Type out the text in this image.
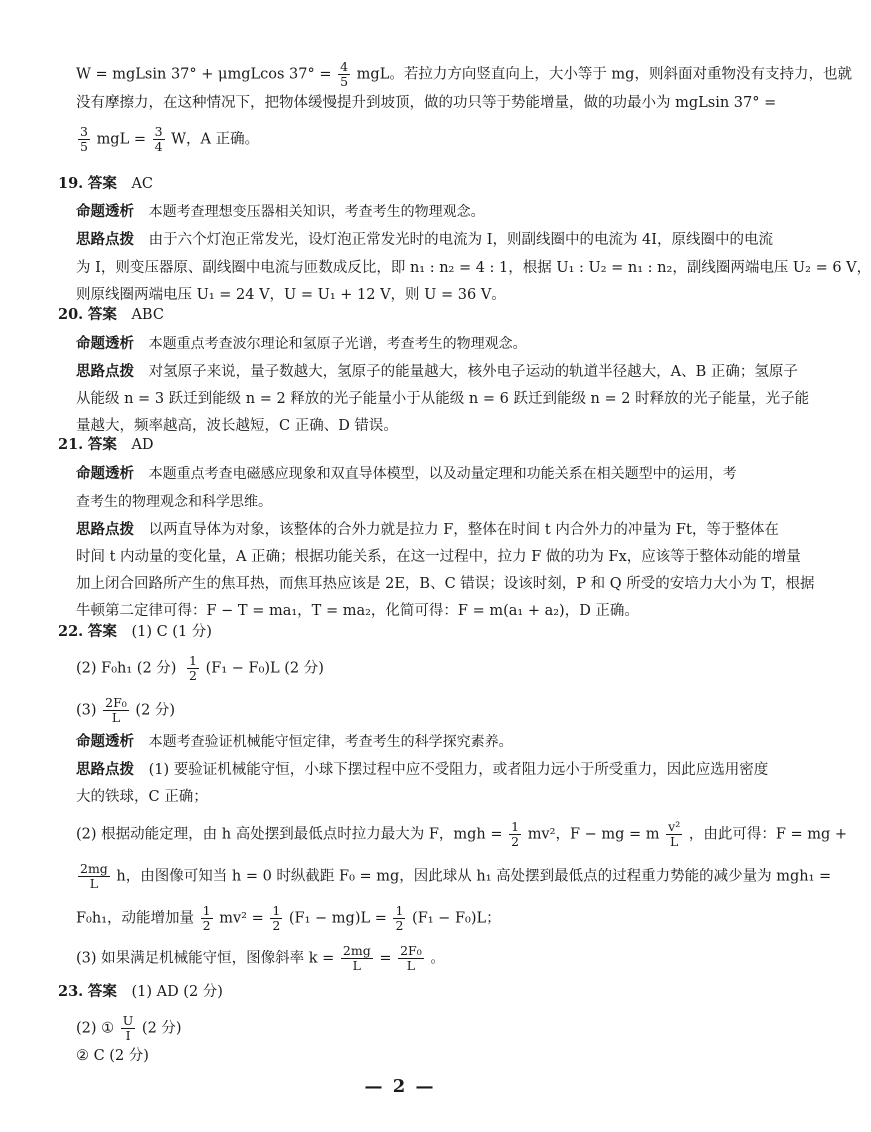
W = mgLsin 37° + μmgLcos $37^\circ = \frac{4}{5}$ mgL。若拉力方向竖直向上，大小等于 mg，则斜面对重物没有支持力，也就
没有摩擦力，在这种情况下，把物体缓慢提升到坡顶，做的功只等于势能增量，做的功最小为 mgLsin 37° =
$\frac{3}{5}$ mgL = $\frac{3}{4}$ W，A 正确。
19. 答案 AC
命题透析 本题考查理想变压器相关知识，考查考生的物理观念。
思路点拨 由于六个灯泡正常发光，设灯泡正常发光时的电流为 I，则副线圈中的电流为 4I，原线圈中的电流
为 I，则变压器原、副线圈中电流与匝数成反比，即 n₁ : n₂ = 4 : 1，根据 U₁ : U₂ = n₁ : n₂，副线圈两端电压 U₂ = 6 V，
则原线圈两端电压 U₁ = 24 V，U = U₁ + 12 V，则 U = 36 V。
20. 答案 ABC
命题透析 本题重点考查波尔理论和氢原子光谱，考查考生的物理观念。
思路点拨 对氢原子来说，量子数越大，氢原子的能量越大，核外电子运动的轨道半径越大，A、B 正确；氢原子
从能级 n = 3 跃迁到能级 n = 2 释放的光子能量小于从能级 n = 6 跃迁到能级 n = 2 时释放的光子能量，光子能
量越大，频率越高，波长越短，C 正确、D 错误。
21. 答案 AD
命题透析 本题重点考查电磁感应现象和双直导体模型，以及动量定理和功能关系在相关题型中的运用，考
查考生的物理观念和科学思维。
思路点拨 以两直导体为对象，该整体的合外力就是拉力 F，整体在时间 t 内合外力的冲量为 Ft，等于整体在
时间 t 内动量的变化量，A 正确；根据功能关系，在这一过程中，拉力 F 做的功为 Fx，应该等于整体动能的增量
加上闭合回路所产生的焦耳热，而焦耳热应该是 2E，B、C 错误；设该时刻，P 和 Q 所受的安培力大小为 T，根据
牛顿第二定律可得：F − T = ma₁，T = ma₂，化简可得：F = m(a₁ + a₂)，D 正确。
22. 答案 (1) C (1 分)
(2) F₀h₁ (2 分) $\frac{1}{2} (F_1 - F_0)L$ (2 分)
$(3) \frac{\text{2F₀}}{L} (2$ 分)
命题透析 本题考查验证机械能守恒定律，考查考生的科学探究素养。
思路点拨 (1) 要验证机械能守恒，小球下摆过程中应不受阻力，或者阻力远小于所受重力，因此应选用密度
大的铁球，C 正确；
(2) 根据动能定理，由 h 高处摆到最低点时拉力最大为 F，mgh = $\frac{1}{2} mv^2$，F − mg = m $\frac{\text{v²}}{L}$ ，由此可得：F = mg +
$\frac{2mg}{L}$ h，由图像可知当 h = 0 时纵截距 F₀ = mg，因此球从 h₁ 高处摆到最低点的过程重力势能的减少量为 mgh₁ =
F₀h₁，动能增加量 $\frac{1}{2} mv^2 = \frac{1}{2} (F_1 - mg)L = \frac{1}{2} (F_1 - F_0)L$；
(3) 如果满足机械能守恒，图像斜率 $k = \frac{2mg}{L} = \frac{\text{2F₀}}{L}$ 。
23. 答案 (1) AD (2 分)
(2) ① $\frac{U}{I} (2$ 分)
② C (2 分)
— 2 —
